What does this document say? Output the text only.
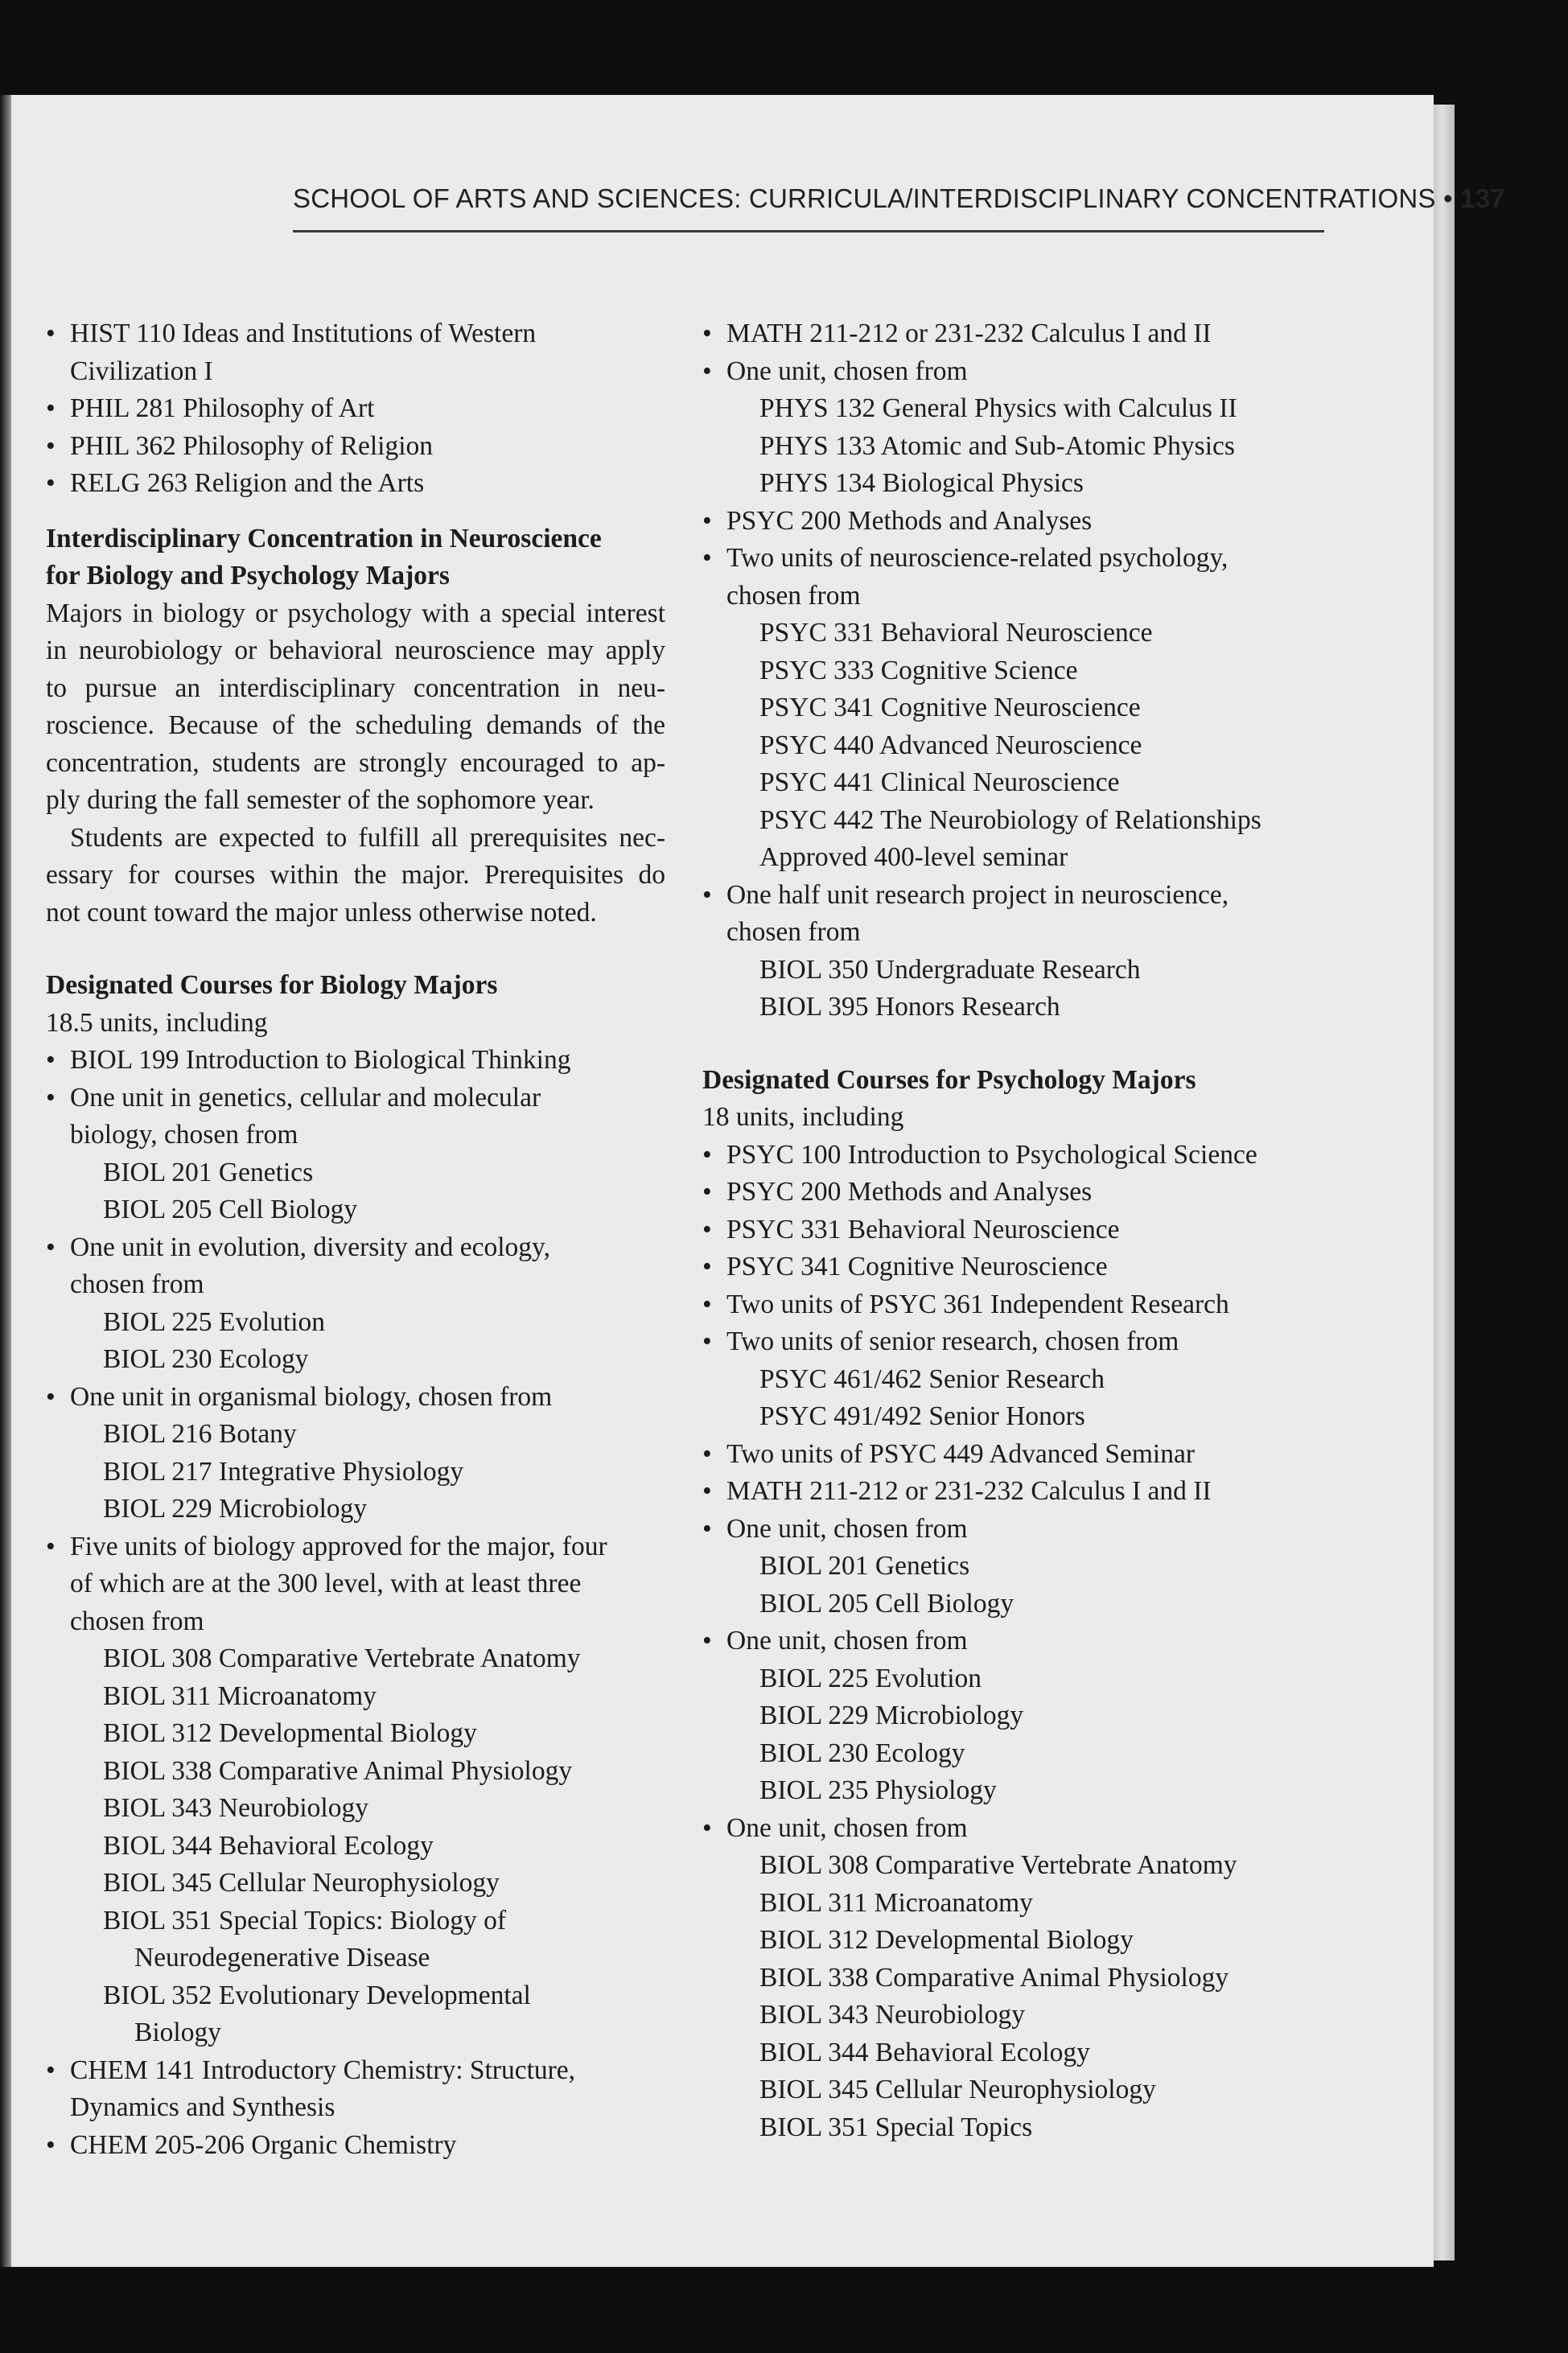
SCHOOL OF ARTS AND SCIENCES: CURRICULA/INTERDISCIPLINARY CONCENTRATIONS • 137
• HIST 110 Ideas and Institutions of Western
Civilization I
• PHIL 281 Philosophy of Art
• PHIL 362 Philosophy of Religion
• RELG 263 Religion and the Arts
Interdisciplinary Concentration in Neuroscience
for Biology and Psychology Majors
Majors in biology or psychology with a special interest
in neurobiology or behavioral neuroscience may apply
to pursue an interdisciplinary concentration in neu-
roscience. Because of the scheduling demands of the
concentration, students are strongly encouraged to ap-
ply during the fall semester of the sophomore year.
Students are expected to fulfill all prerequisites nec-
essary for courses within the major. Prerequisites do
not count toward the major unless otherwise noted.
Designated Courses for Biology Majors
18.5 units, including
• BIOL 199 Introduction to Biological Thinking
• One unit in genetics, cellular and molecular
biology, chosen from
BIOL 201 Genetics
BIOL 205 Cell Biology
• One unit in evolution, diversity and ecology,
chosen from
BIOL 225 Evolution
BIOL 230 Ecology
• One unit in organismal biology, chosen from
BIOL 216 Botany
BIOL 217 Integrative Physiology
BIOL 229 Microbiology
• Five units of biology approved for the major, four
of which are at the 300 level, with at least three
chosen from
BIOL 308 Comparative Vertebrate Anatomy
BIOL 311 Microanatomy
BIOL 312 Developmental Biology
BIOL 338 Comparative Animal Physiology
BIOL 343 Neurobiology
BIOL 344 Behavioral Ecology
BIOL 345 Cellular Neurophysiology
BIOL 351 Special Topics: Biology of
Neurodegenerative Disease
BIOL 352 Evolutionary Developmental
Biology
• CHEM 141 Introductory Chemistry: Structure,
Dynamics and Synthesis
• CHEM 205-206 Organic Chemistry
• MATH 211-212 or 231-232 Calculus I and II
• One unit, chosen from
PHYS 132 General Physics with Calculus II
PHYS 133 Atomic and Sub-Atomic Physics
PHYS 134 Biological Physics
• PSYC 200 Methods and Analyses
• Two units of neuroscience-related psychology,
chosen from
PSYC 331 Behavioral Neuroscience
PSYC 333 Cognitive Science
PSYC 341 Cognitive Neuroscience
PSYC 440 Advanced Neuroscience
PSYC 441 Clinical Neuroscience
PSYC 442 The Neurobiology of Relationships
Approved 400-level seminar
• One half unit research project in neuroscience,
chosen from
BIOL 350 Undergraduate Research
BIOL 395 Honors Research
Designated Courses for Psychology Majors
18 units, including
• PSYC 100 Introduction to Psychological Science
• PSYC 200 Methods and Analyses
• PSYC 331 Behavioral Neuroscience
• PSYC 341 Cognitive Neuroscience
• Two units of PSYC 361 Independent Research
• Two units of senior research, chosen from
PSYC 461/462 Senior Research
PSYC 491/492 Senior Honors
• Two units of PSYC 449 Advanced Seminar
• MATH 211-212 or 231-232 Calculus I and II
• One unit, chosen from
BIOL 201 Genetics
BIOL 205 Cell Biology
• One unit, chosen from
BIOL 225 Evolution
BIOL 229 Microbiology
BIOL 230 Ecology
BIOL 235 Physiology
• One unit, chosen from
BIOL 308 Comparative Vertebrate Anatomy
BIOL 311 Microanatomy
BIOL 312 Developmental Biology
BIOL 338 Comparative Animal Physiology
BIOL 343 Neurobiology
BIOL 344 Behavioral Ecology
BIOL 345 Cellular Neurophysiology
BIOL 351 Special Topics
